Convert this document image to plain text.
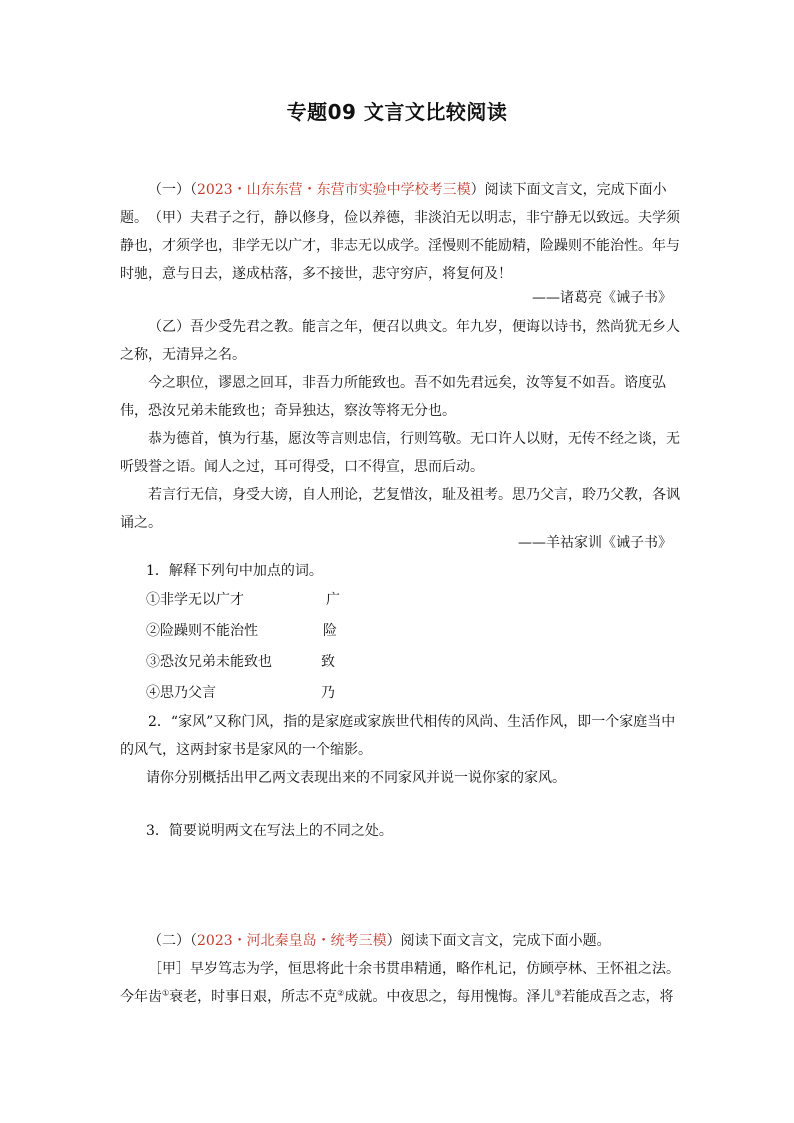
专题09 文言文比较阅读

（一）（2023・山东东营・东营市实验中学校考三模）阅读下面文言文，完成下面小题。 （甲）夫君子之行，静以修身，俭以养德，非淡泊无以明志，非宁静无以致远。夫学须静也，才须学也，非学无以广才，非志无以成学。淫慢则不能励精，险躁则不能治性。年与时驰，意与日去，遂成枯落，多不接世，悲守穷庐，将复何及！

——诸葛亮《诫子书》

（乙）吾少受先君之教。能言之年，便召以典文。年九岁，便诲以诗书，然尚犹无乡人之称，无清异之名。

今之职位，谬恩之回耳，非吾力所能致也。吾不如先君远矣，汝等复不如吾。谘度弘伟，恐汝兄弟未能致也；奇异独达，察汝等将无分也。

恭为德首，慎为行基，愿汝等言则忠信，行则笃敬。无口许人以财，无传不经之谈，无听毁誉之语。闻人之过，耳可得受，口不得宣，思而后动。

若言行无信，身受大谤，自人刑论，艺复惜汝，耻及祖考。思乃父言，聆乃父教，各讽诵之。

——羊祜家训《诫子书》
1．解释下列句中加点的词。
①非学无以广才	广
②险躁则不能治性	险
③恐汝兄弟未能致也	致
④思乃父言	乃

2．“家风”又称门风，指的是家庭或家族世代相传的风尚、生活作风，即一个家庭当中的风气，这两封家书是家风的一个缩影。

请你分别概括出甲乙两文表现出来的不同家风并说一说你家的家风。

3．简要说明两文在写法上的不同之处。

（二）（2023・河北秦皇岛・统考三模）阅读下面文言文，完成下面小题。

［甲］早岁笃志为学，恒思将此十余书贯串精通，略作札记，仿顾亭林、王怀祖之法。今年齿①衰老，时事日艰，所志不克②成就。中夜思之，每用愧悔。泽儿③若能成吾之志，将
